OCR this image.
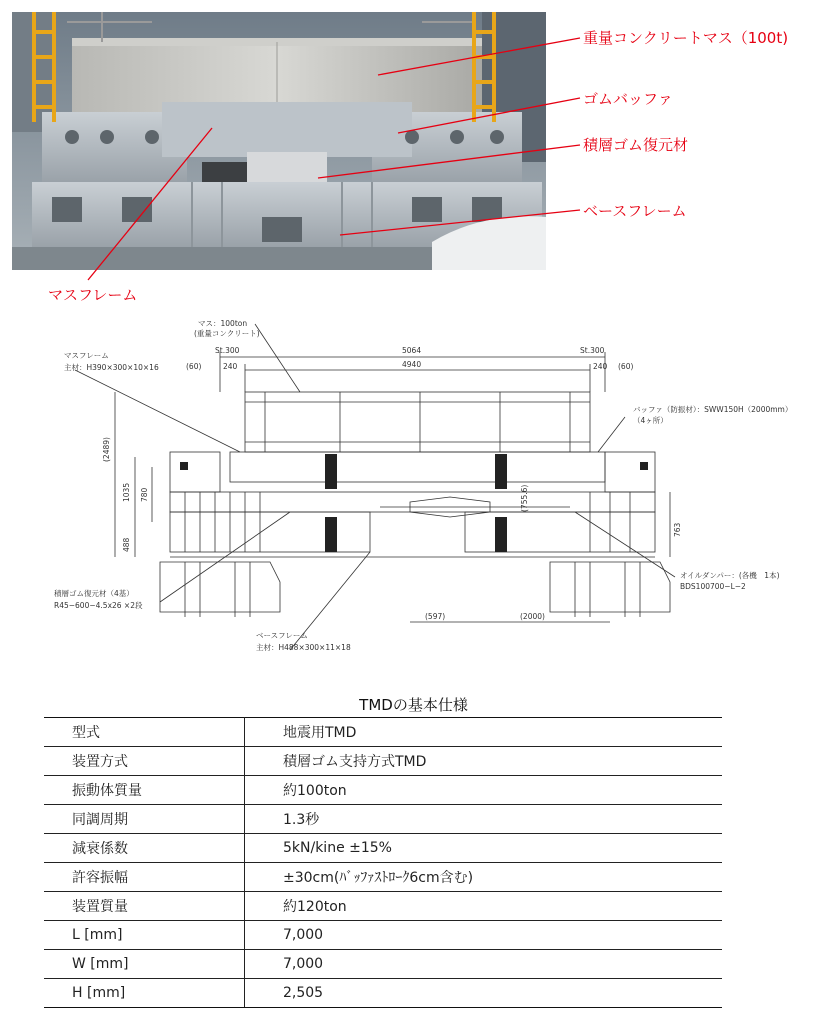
重量コンクリートマス（100t)
ゴムバッファ
積層ゴム復元材
ベースフレーム
マスフレーム
マス：100ton
(重量コンクリート)
マスフレーム
主材：H390×300×10×16
St.300	St.300
5064
4940
(60)	240	240 (60)
バッファ（防振材）：SWW150H（2000mm）
（4ヶ所）
(2489)
1035 780
488
763
(755.6)
オイルダンパー：(各機　1本)
BDS100700−L−2
積層ゴム復元材（4基）
R45−600−4.5x26 ×2段
ベースフレーム
主材：H488×300×11×18
(597)	(2000)
TMDの基本仕様
型式	地震用TMD
装置方式	積層ゴム支持方式TMD
振動体質量	約100ton
同調周期	1.3秒
減衰係数	5kN/kine ±15%
許容振幅	±30cm(ﾊﾞｯﾌｧｽﾄﾛｰｸ6cm含む)
装置質量	約120ton
L [mm]	7,000
W [mm]	7,000
H [mm]	2,505
